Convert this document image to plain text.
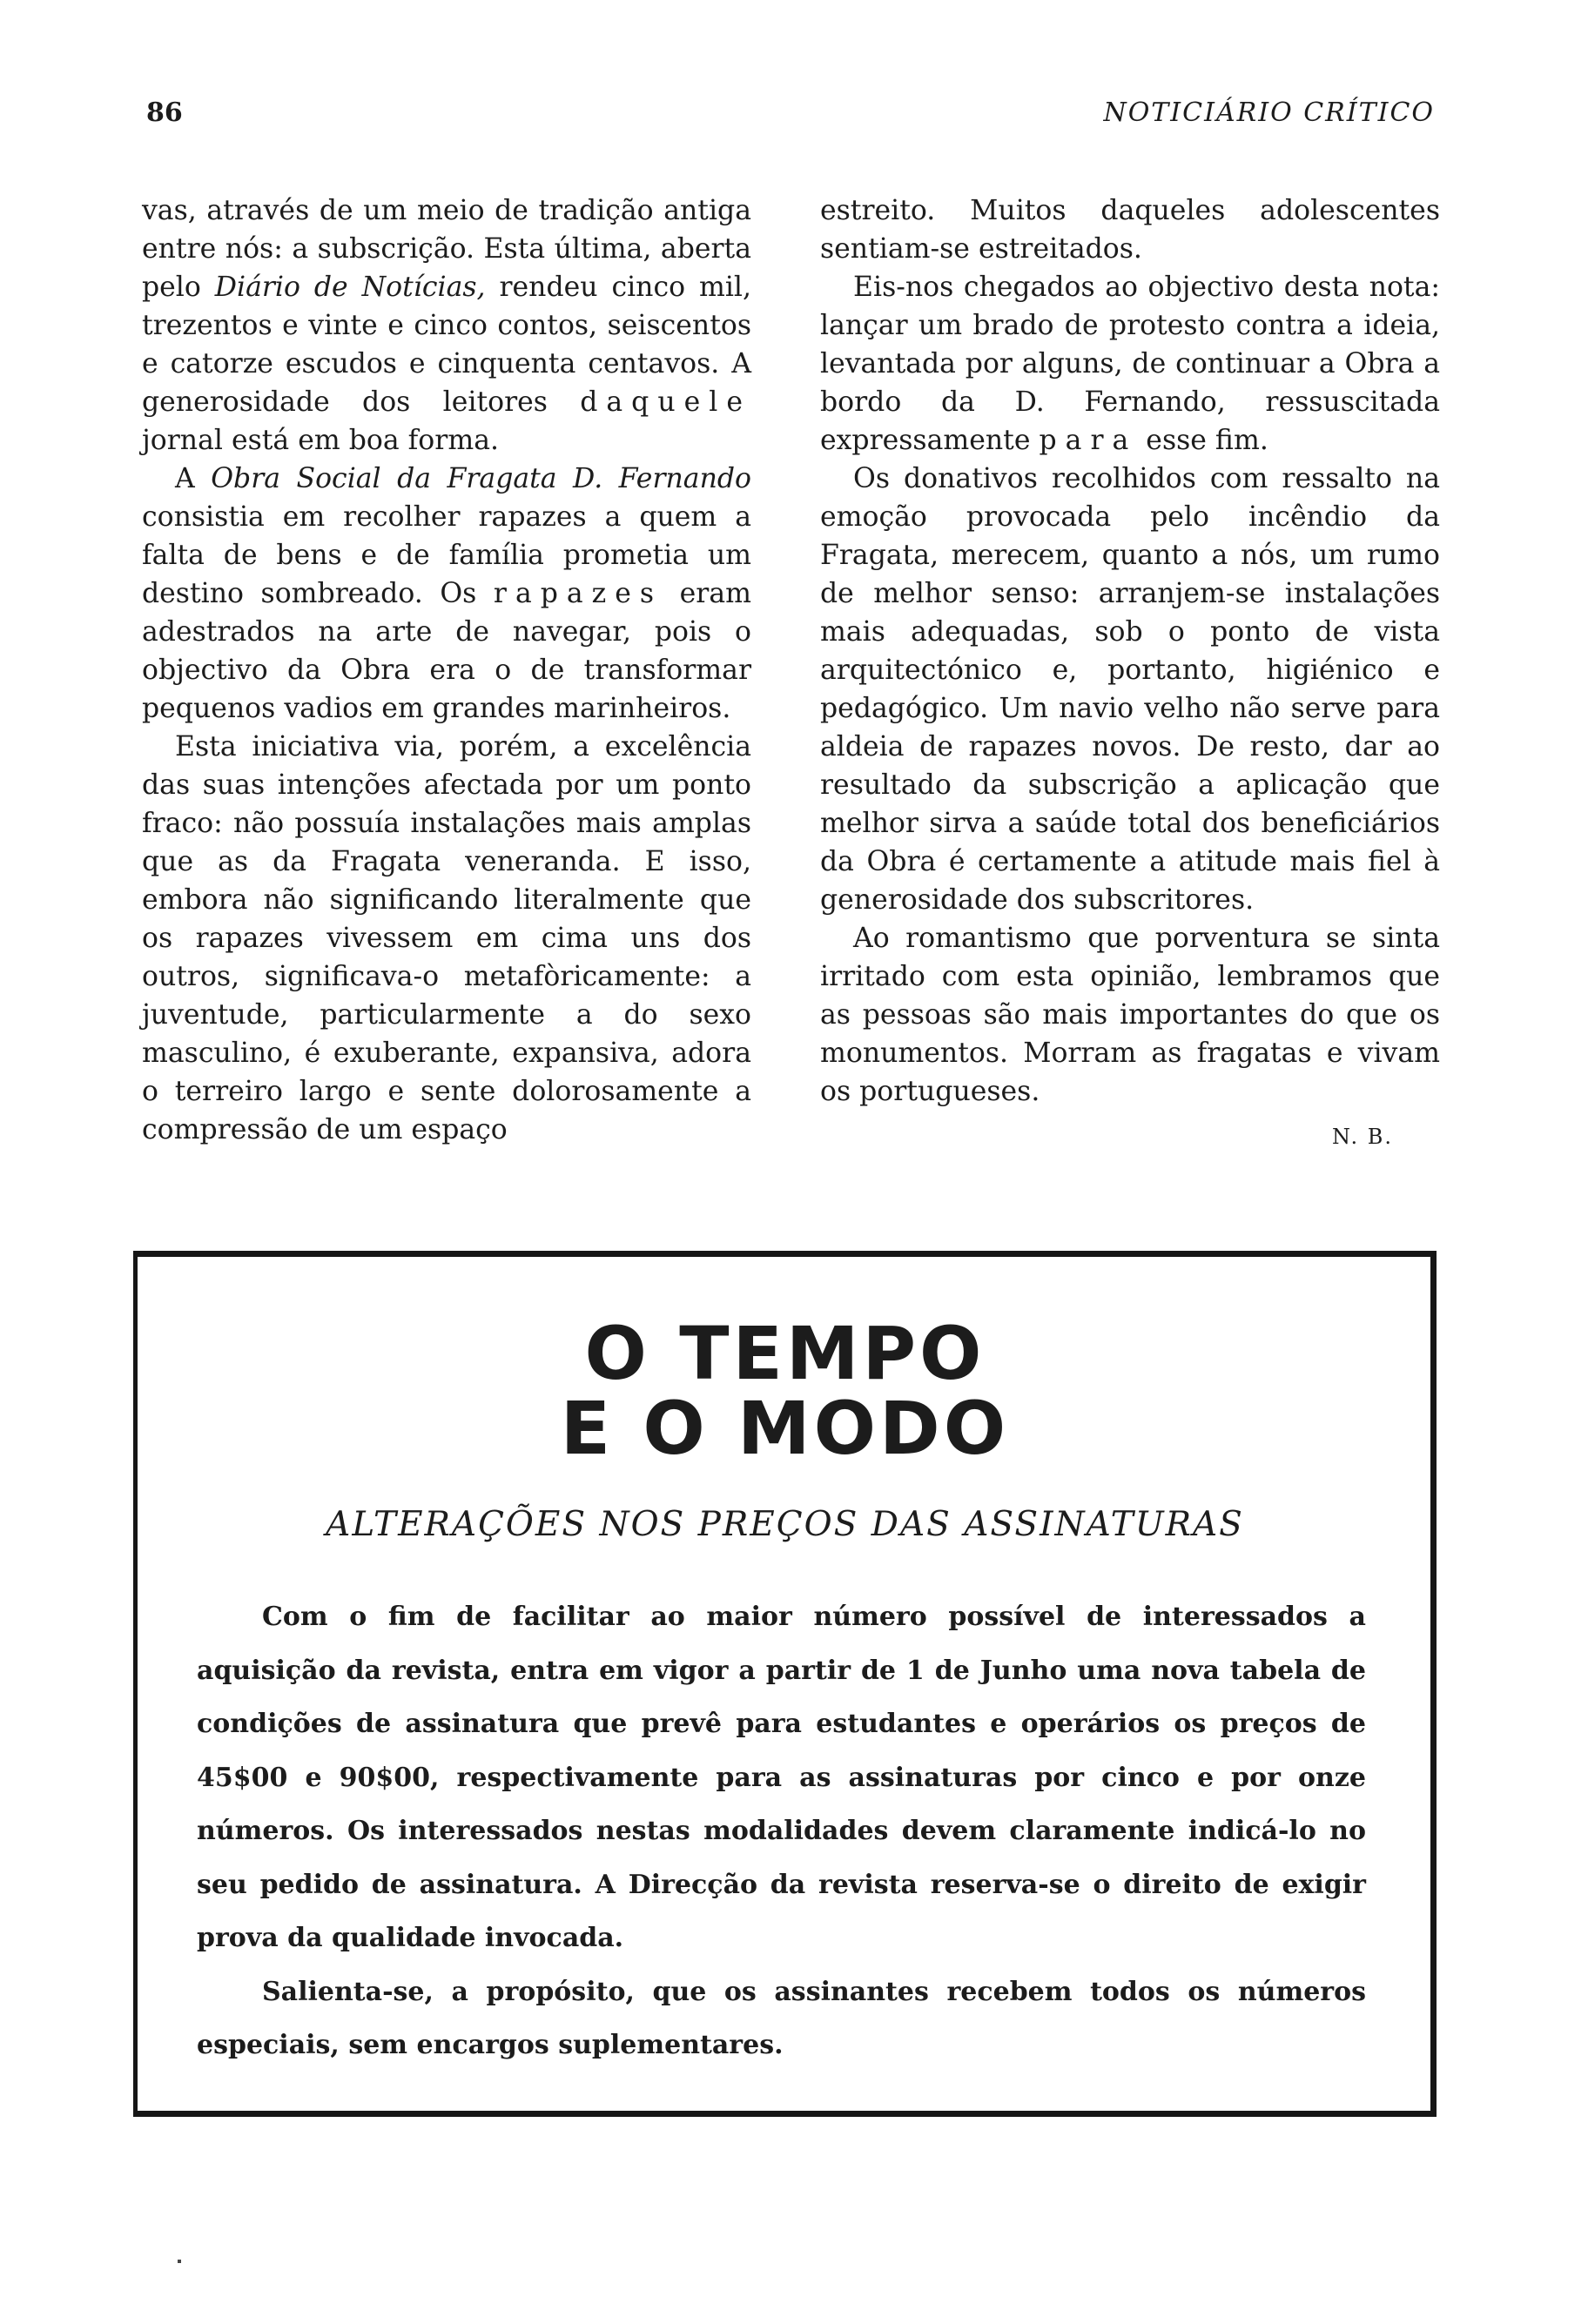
86	NOTICIÁRIO CRÍTICO

vas, através de um meio de tradição antiga entre nós: a subscrição. Esta última, aberta pelo Diário de Notícias, rendeu cinco mil, trezentos e vinte e cinco contos, seiscentos e catorze escudos e cinquenta centavos. A generosidade dos leitores daquele jornal está em boa forma.

A Obra Social da Fragata D. Fernando consistia em recolher rapazes a quem a falta de bens e de família prometia um destino sombreado. Os rapazes eram adestrados na arte de navegar, pois o objectivo da Obra era o de transformar pequenos vadios em grandes marinheiros.

Esta iniciativa via, porém, a excelência das suas intenções afectada por um ponto fraco: não possuía instalações mais amplas que as da Fragata veneranda. E isso, embora não significando literalmente que os rapazes vivessem em cima uns dos outros, significava-o metafòricamente: a juventude, particularmente a do sexo masculino, é exuberante, expansiva, adora o terreiro largo e sente dolorosamente a compressão de um espaço

estreito. Muitos daqueles adolescentes sentiam-se estreitados.

Eis-nos chegados ao objectivo desta nota: lançar um brado de protesto contra a ideia, levantada por alguns, de continuar a Obra a bordo da D. Fernando, ressuscitada expressamente para esse fim.

Os donativos recolhidos com ressalto na emoção provocada pelo incêndio da Fragata, merecem, quanto a nós, um rumo de melhor senso: arranjem-se instalações mais adequadas, sob o ponto de vista arquitectónico e, portanto, higiénico e pedagógico. Um navio velho não serve para aldeia de rapazes novos. De resto, dar ao resultado da subscrição a aplicação que melhor sirva a saúde total dos beneficiários da Obra é certamente a atitude mais fiel à generosidade dos subscritores.

Ao romantismo que porventura se sinta irritado com esta opinião, lembramos que as pessoas são mais importantes do que os monumentos. Morram as fragatas e vivam os portugueses.

N. B.
O TEMPO
E O MODO
ALTERAÇÕES NOS PREÇOS DAS ASSINATURAS

Com o fim de facilitar ao maior número possível de interessados a aquisição da revista, entra em vigor a partir de 1 de Junho uma nova tabela de condições de assinatura que prevê para estudantes e operários os preços de 45$00 e 90$00, respectivamente para as assinaturas por cinco e por onze números. Os interessados nestas modalidades devem claramente indicá-lo no seu pedido de assinatura. A Direcção da revista reserva-se o direito de exigir prova da qualidade invocada.

Salienta-se, a propósito, que os assinantes recebem todos os números especiais, sem encargos suplementares.
